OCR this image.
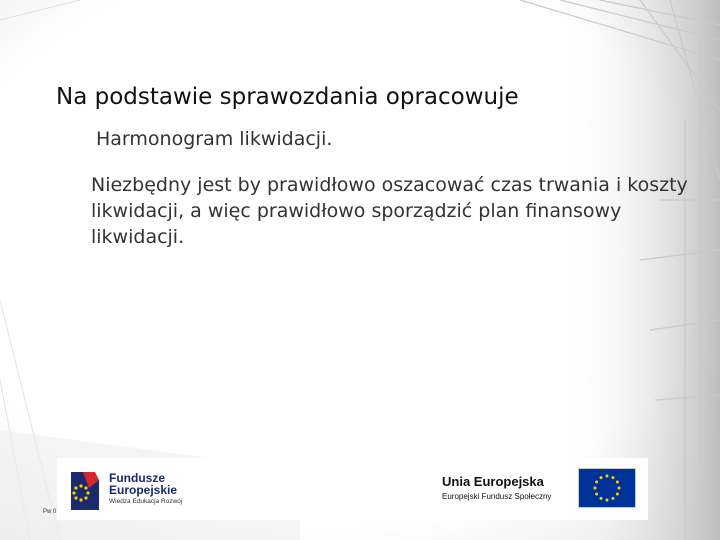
Na podstawie sprawozdania opracowuje
Harmonogram likwidacji.
Niezbędny jest by prawidłowo oszacować czas trwania i koszty likwidacji, a więc prawidłowo sporządzić plan finansowy likwidacji.
Fundusze
Europejskie
Wiedza Edukacja Rozwój
Unia Europejska
Europejski Fundusz Społeczny
Pw 0
